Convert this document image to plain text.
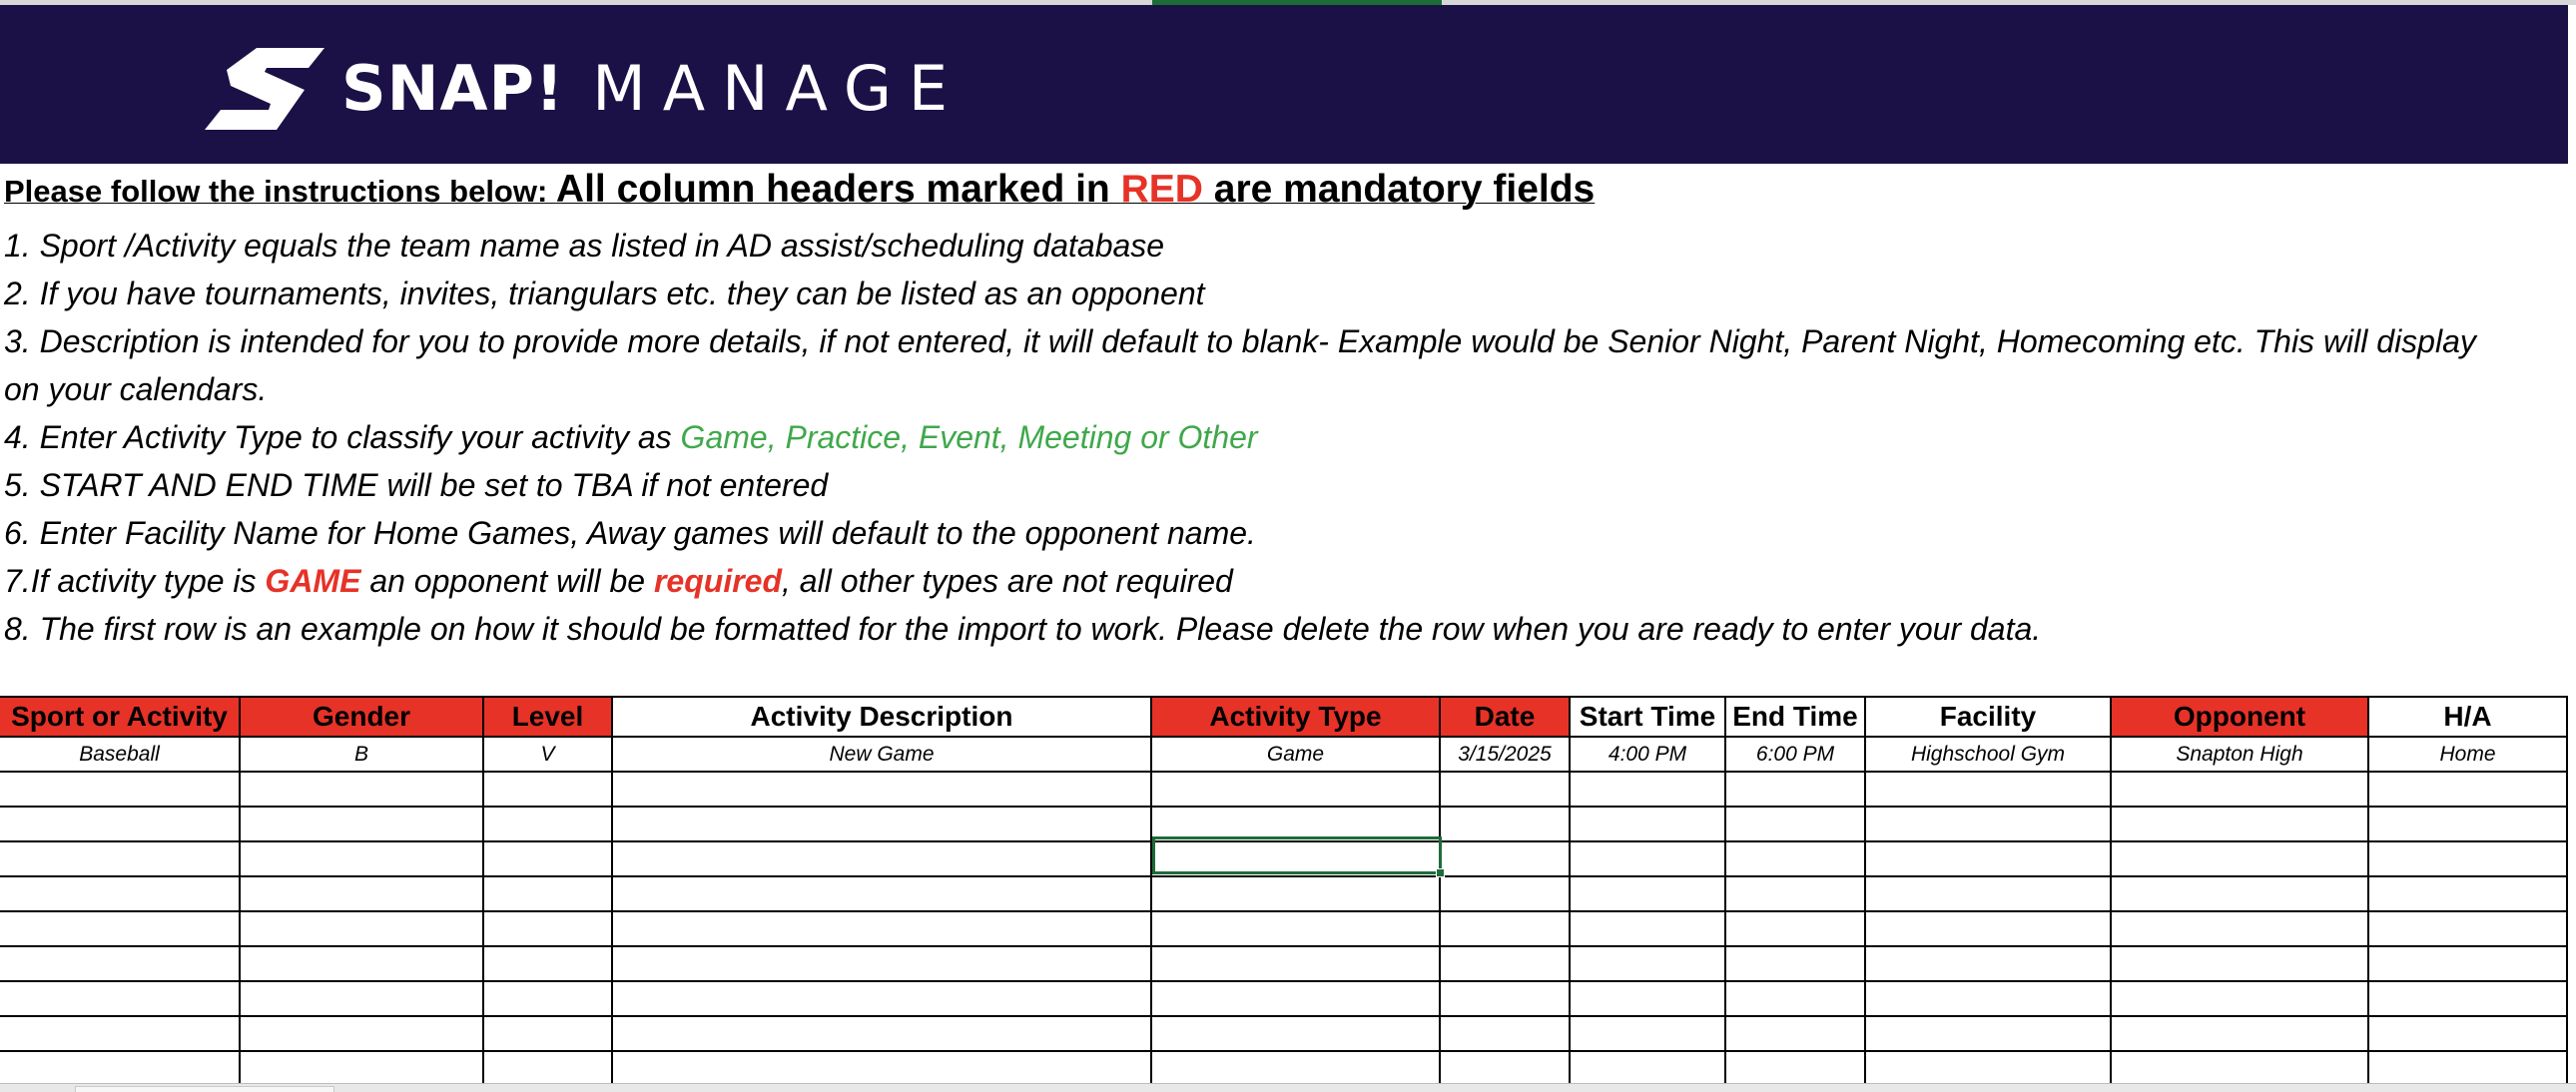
SNAP! MANAGE
Please follow the instructions below: All column headers marked in RED are mandatory fields
1. Sport /Activity equals the team name as listed in AD assist/scheduling database
2. If you have tournaments, invites, triangulars etc. they can be listed as an opponent
3. Description is intended for you to provide more details, if not entered, it will default to blank- Example would be Senior Night, Parent Night, Homecoming etc. This will display
on your calendars.
4. Enter Activity Type to classify your activity as Game, Practice, Event, Meeting or Other
5. START AND END TIME will be set to TBA if not entered
6. Enter Facility Name for Home Games, Away games will default to the opponent name.
7.If activity type is GAME an opponent will be required, all other types are not required
8. The first row is an example on how it should be formatted for the import to work. Please delete the row when you are ready to enter your data.
Sport or Activity	Gender	Level	Activity Description	Activity Type	Date	Start Time End Time	Facility	Opponent	H/A
Baseball	B	V	New Game	Game	3/15/2025	4:00 PM	6:00 PM	Highschool Gym	Snapton High	Home
